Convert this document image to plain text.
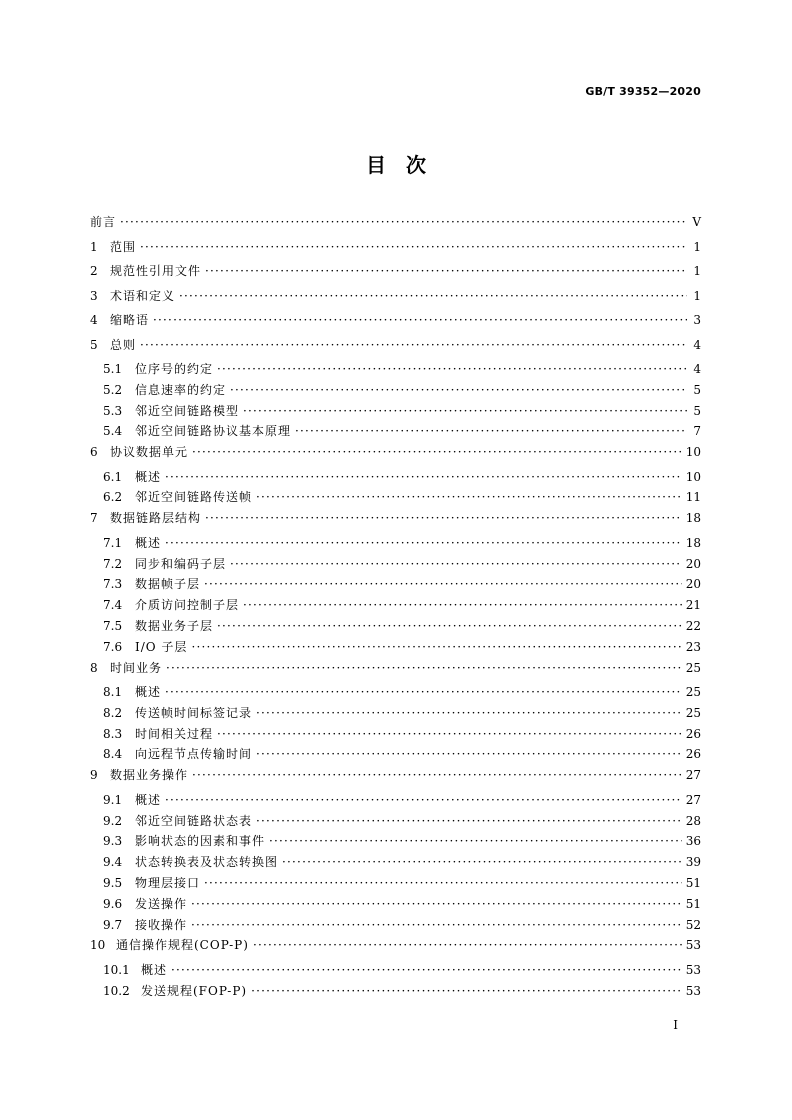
GB/T 39352—2020
目　次
前言 ·····	Ⅴ
1	范围 ·····	1
2	规范性引用文件 ·····	1
3	术语和定义 ·····	1
4	缩略语 ·····	3
5	总则 ·····	4
5.1	位序号的约定 ·····	4
5.2	信息速率的约定 ·····	5
5.3	邻近空间链路模型 ·····	5
5.4	邻近空间链路协议基本原理 ·····	7
6	协议数据单元 ·····	10
6.1	概述 ·····	10
6.2	邻近空间链路传送帧 ·····	11
7	数据链路层结构 ·····	18
7.1	概述 ·····	18
7.2	同步和编码子层 ·····	20
7.3	数据帧子层 ·····	20
7.4	介质访问控制子层 ·····	21
7.5	数据业务子层 ·····	22
7.6	I/O 子层 ·····	23
8	时间业务 ·····	25
8.1	概述 ·····	25
8.2	传送帧时间标签记录 ·····	25
8.3	时间相关过程 ·····	26
8.4	向远程节点传输时间 ·····	26
9	数据业务操作 ·····	27
9.1	概述 ·····	27
9.2	邻近空间链路状态表 ·····	28
9.3	影响状态的因素和事件 ·····	36
9.4	状态转换表及状态转换图 ·····	39
9.5	物理层接口 ·····	51
9.6	发送操作 ·····	51
9.7	接收操作 ·····	52
10 通信操作规程(COP-P) ·····	53
10.1 概述 ·····	53
10.2 发送规程(FOP-P) ·····	53
I
